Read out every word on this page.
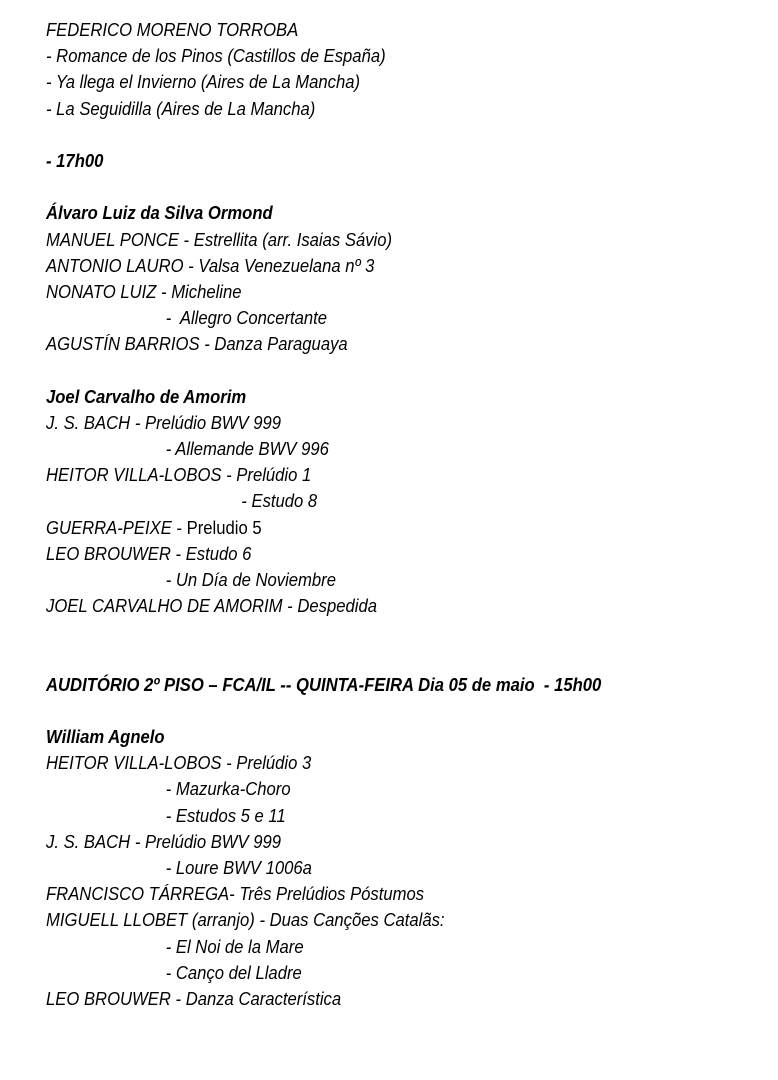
FEDERICO MORENO TORROBA
- Romance de los Pinos (Castillos de España)
- Ya llega el Invierno (Aires de La Mancha)
- La Seguidilla (Aires de La Mancha)
- 17h00
Álvaro Luiz da Silva Ormond
MANUEL PONCE - Estrellita (arr. Isaias Sávio)
ANTONIO LAURO - Valsa Venezuelana nº 3
NONATO LUIZ - Micheline
-  Allegro Concertante
AGUSTÍN BARRIOS - Danza Paraguaya
Joel Carvalho de Amorim
J. S. BACH - Prelúdio BWV 999
- Allemande BWV 996
HEITOR VILLA-LOBOS - Prelúdio 1
- Estudo 8
GUERRA-PEIXE - Preludio 5
LEO BROUWER - Estudo 6
- Un Día de Noviembre
JOEL CARVALHO DE AMORIM - Despedida
AUDITÓRIO 2º PISO – FCA/IL -- QUINTA-FEIRA Dia 05 de maio  - 15h00
William Agnelo
HEITOR VILLA-LOBOS - Prelúdio 3
- Mazurka-Choro
- Estudos 5 e 11
J. S. BACH - Prelúdio BWV 999
- Loure BWV 1006a
FRANCISCO TÁRREGA- Três Prelúdios Póstumos
MIGUELL LLOBET (arranjo) - Duas Canções Catalãs:
- El Noi de la Mare
- Canço del Lladre
LEO BROUWER - Danza Característica
